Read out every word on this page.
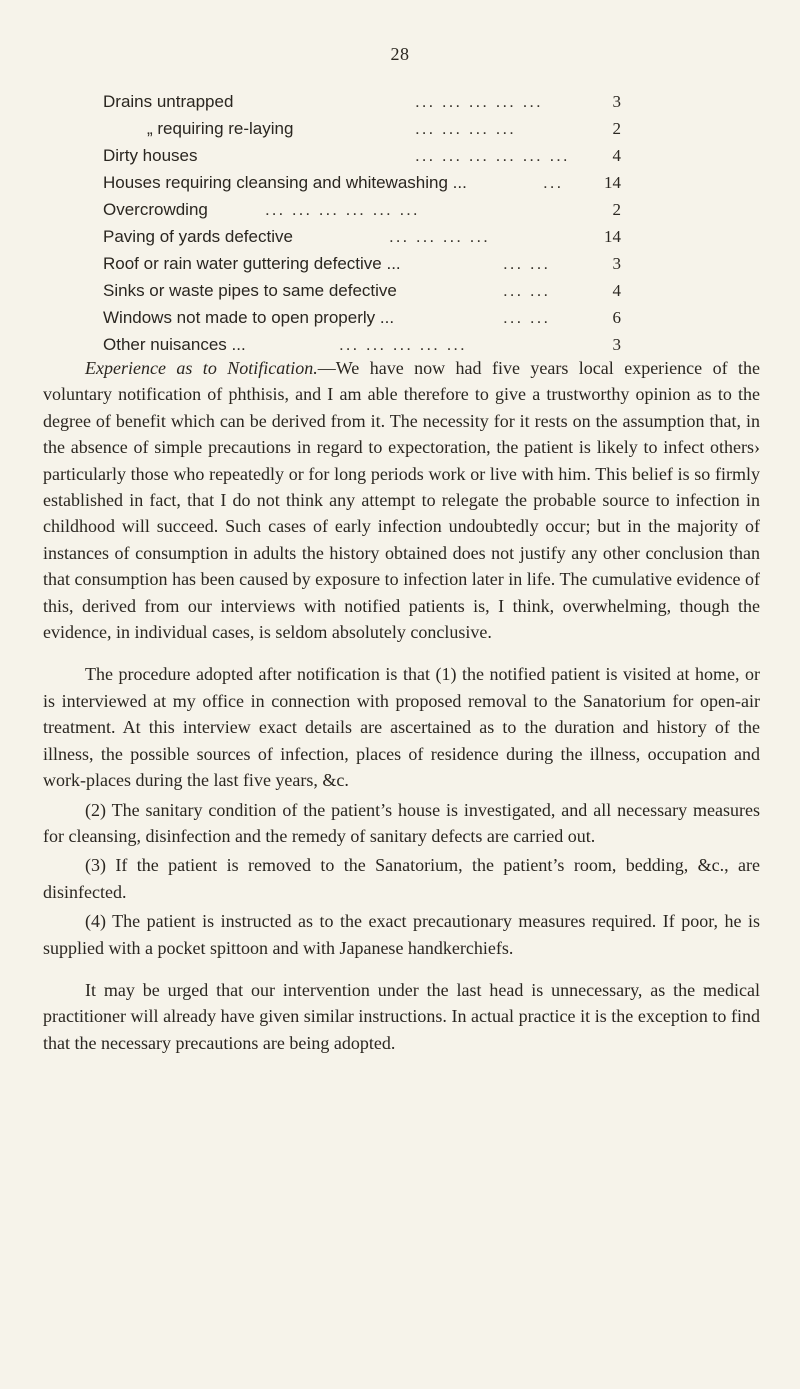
28
Drains untrapped	... ... ... ... ...	3
„ requiring re-laying	... ... ... ...	2
Dirty houses	... ... ... ... ... ...	4
Houses requiring cleansing and whitewashing ...	...	14
Overcrowding	... ... ... ... ... ...	2
Paving of yards defective	... ... ... ...	14
Roof or rain water guttering defective ...	... ...	3
Sinks or waste pipes to same defective	... ...	4
Windows not made to open properly ...	... ...	6
Other nuisances ...	... ... ... ... ...	3

Experience as to Notification.—We have now had five years local experience of the voluntary notification of phthisis, and I am able therefore to give a trustworthy opinion as to the degree of benefit which can be derived from it. The necessity for it rests on the assumption that, in the absence of simple precautions in regard to expectoration, the patient is likely to infect others› particularly those who repeatedly or for long periods work or live with him. This belief is so firmly established in fact, that I do not think any attempt to relegate the probable source to infection in childhood will succeed. Such cases of early infection undoubtedly occur; but in the majority of instances of consumption in adults the history obtained does not justify any other conclusion than that consumption has been caused by exposure to infection later in life. The cumulative evidence of this, derived from our interviews with notified patients is, I think, overwhelming, though the evidence, in individual cases, is seldom absolutely conclusive.

The procedure adopted after notification is that (1) the notified patient is visited at home, or is interviewed at my office in connection with proposed removal to the Sanatorium for open-air treatment. At this interview exact details are ascertained as to the duration and history of the illness, the possible sources of infection, places of residence during the illness, occupation and work-places during the last five years, &c.

(2) The sanitary condition of the patient’s house is investigated, and all necessary measures for cleansing, disinfection and the remedy of sanitary defects are carried out.

(3) If the patient is removed to the Sanatorium, the patient’s room, bedding, &c., are disinfected.

(4) The patient is instructed as to the exact precautionary measures required. If poor, he is supplied with a pocket spittoon and with Japanese handkerchiefs.

It may be urged that our intervention under the last head is unnecessary, as the medical practitioner will already have given similar instructions. In actual practice it is the exception to find that the necessary precautions are being adopted.
